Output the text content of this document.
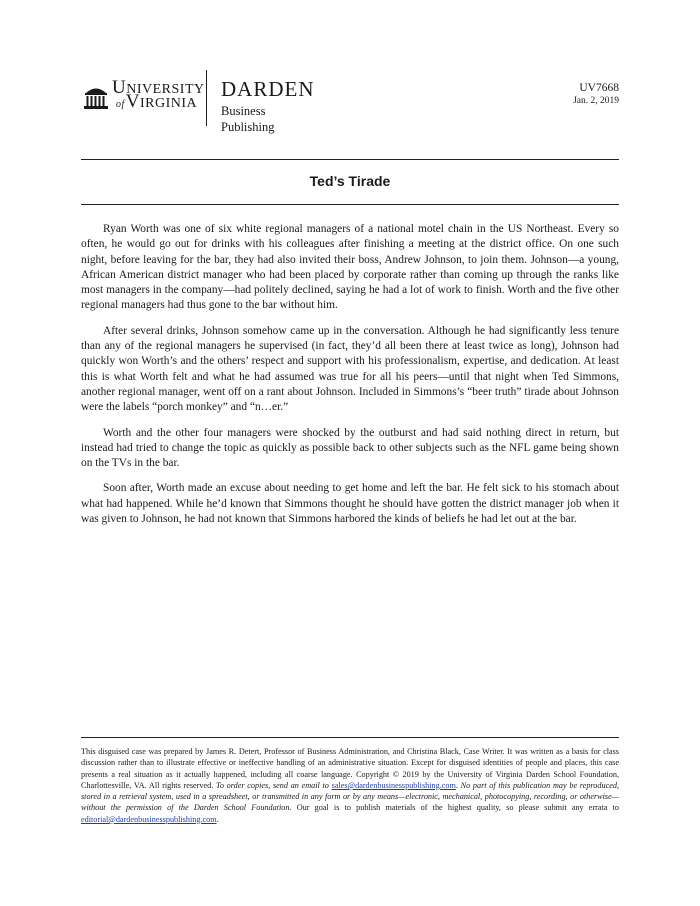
UNIVERSITY
ofVIRGINIA
DARDEN
Business Publishing
UV7668
Jan. 2, 2019
Ted’s Tirade

Ryan Worth was one of six white regional managers of a national motel chain in the US Northeast. Every so often, he would go out for drinks with his colleagues after finishing a meeting at the district office. On one such night, before leaving for the bar, they had also invited their boss, Andrew Johnson, to join them. Johnson—a young, African American district manager who had been placed by corporate rather than coming up through the ranks like most managers in the company—had politely declined, saying he had a lot of work to finish. Worth and the five other regional managers had thus gone to the bar without him.

After several drinks, Johnson somehow came up in the conversation. Although he had significantly less tenure than any of the regional managers he supervised (in fact, they’d all been there at least twice as long), Johnson had quickly won Worth’s and the others’ respect and support with his professionalism, expertise, and dedication. At least this is what Worth felt and what he had assumed was true for all his peers—until that night when Ted Simmons, another regional manager, went off on a rant about Johnson. Included in Simmons’s “beer truth” tirade about Johnson were the labels “porch monkey” and “n…er.”

Worth and the other four managers were shocked by the outburst and had said nothing direct in return, but instead had tried to change the topic as quickly as possible back to other subjects such as the NFL game being shown on the TVs in the bar.

Soon after, Worth made an excuse about needing to get home and left the bar. He felt sick to his stomach about what had happened. While he’d known that Simmons thought he should have gotten the district manager job when it was given to Johnson, he had not known that Simmons harbored the kinds of beliefs he had let out at the bar.

This disguised case was prepared by James R. Detert, Professor of Business Administration, and Christina Black, Case Writer. It was written as a basis for class discussion rather than to illustrate effective or ineffective handling of an administrative situation. Except for disguised identities of people and places, this case presents a real situation as it actually happened, including all coarse language. Copyright © 2019 by the University of Virginia Darden School Foundation, Charlottesville, VA. All rights reserved. To order copies, send an email to sales@dardenbusinesspublishing.com. No part of this publication may be reproduced, stored in a retrieval system, used in a spreadsheet, or transmitted in any form or by any means—electronic, mechanical, photocopying, recording, or otherwise—without the permission of the Darden School Foundation. Our goal is to publish materials of the highest quality, so please submit any errata to editorial@dardenbusinesspublishing.com.
